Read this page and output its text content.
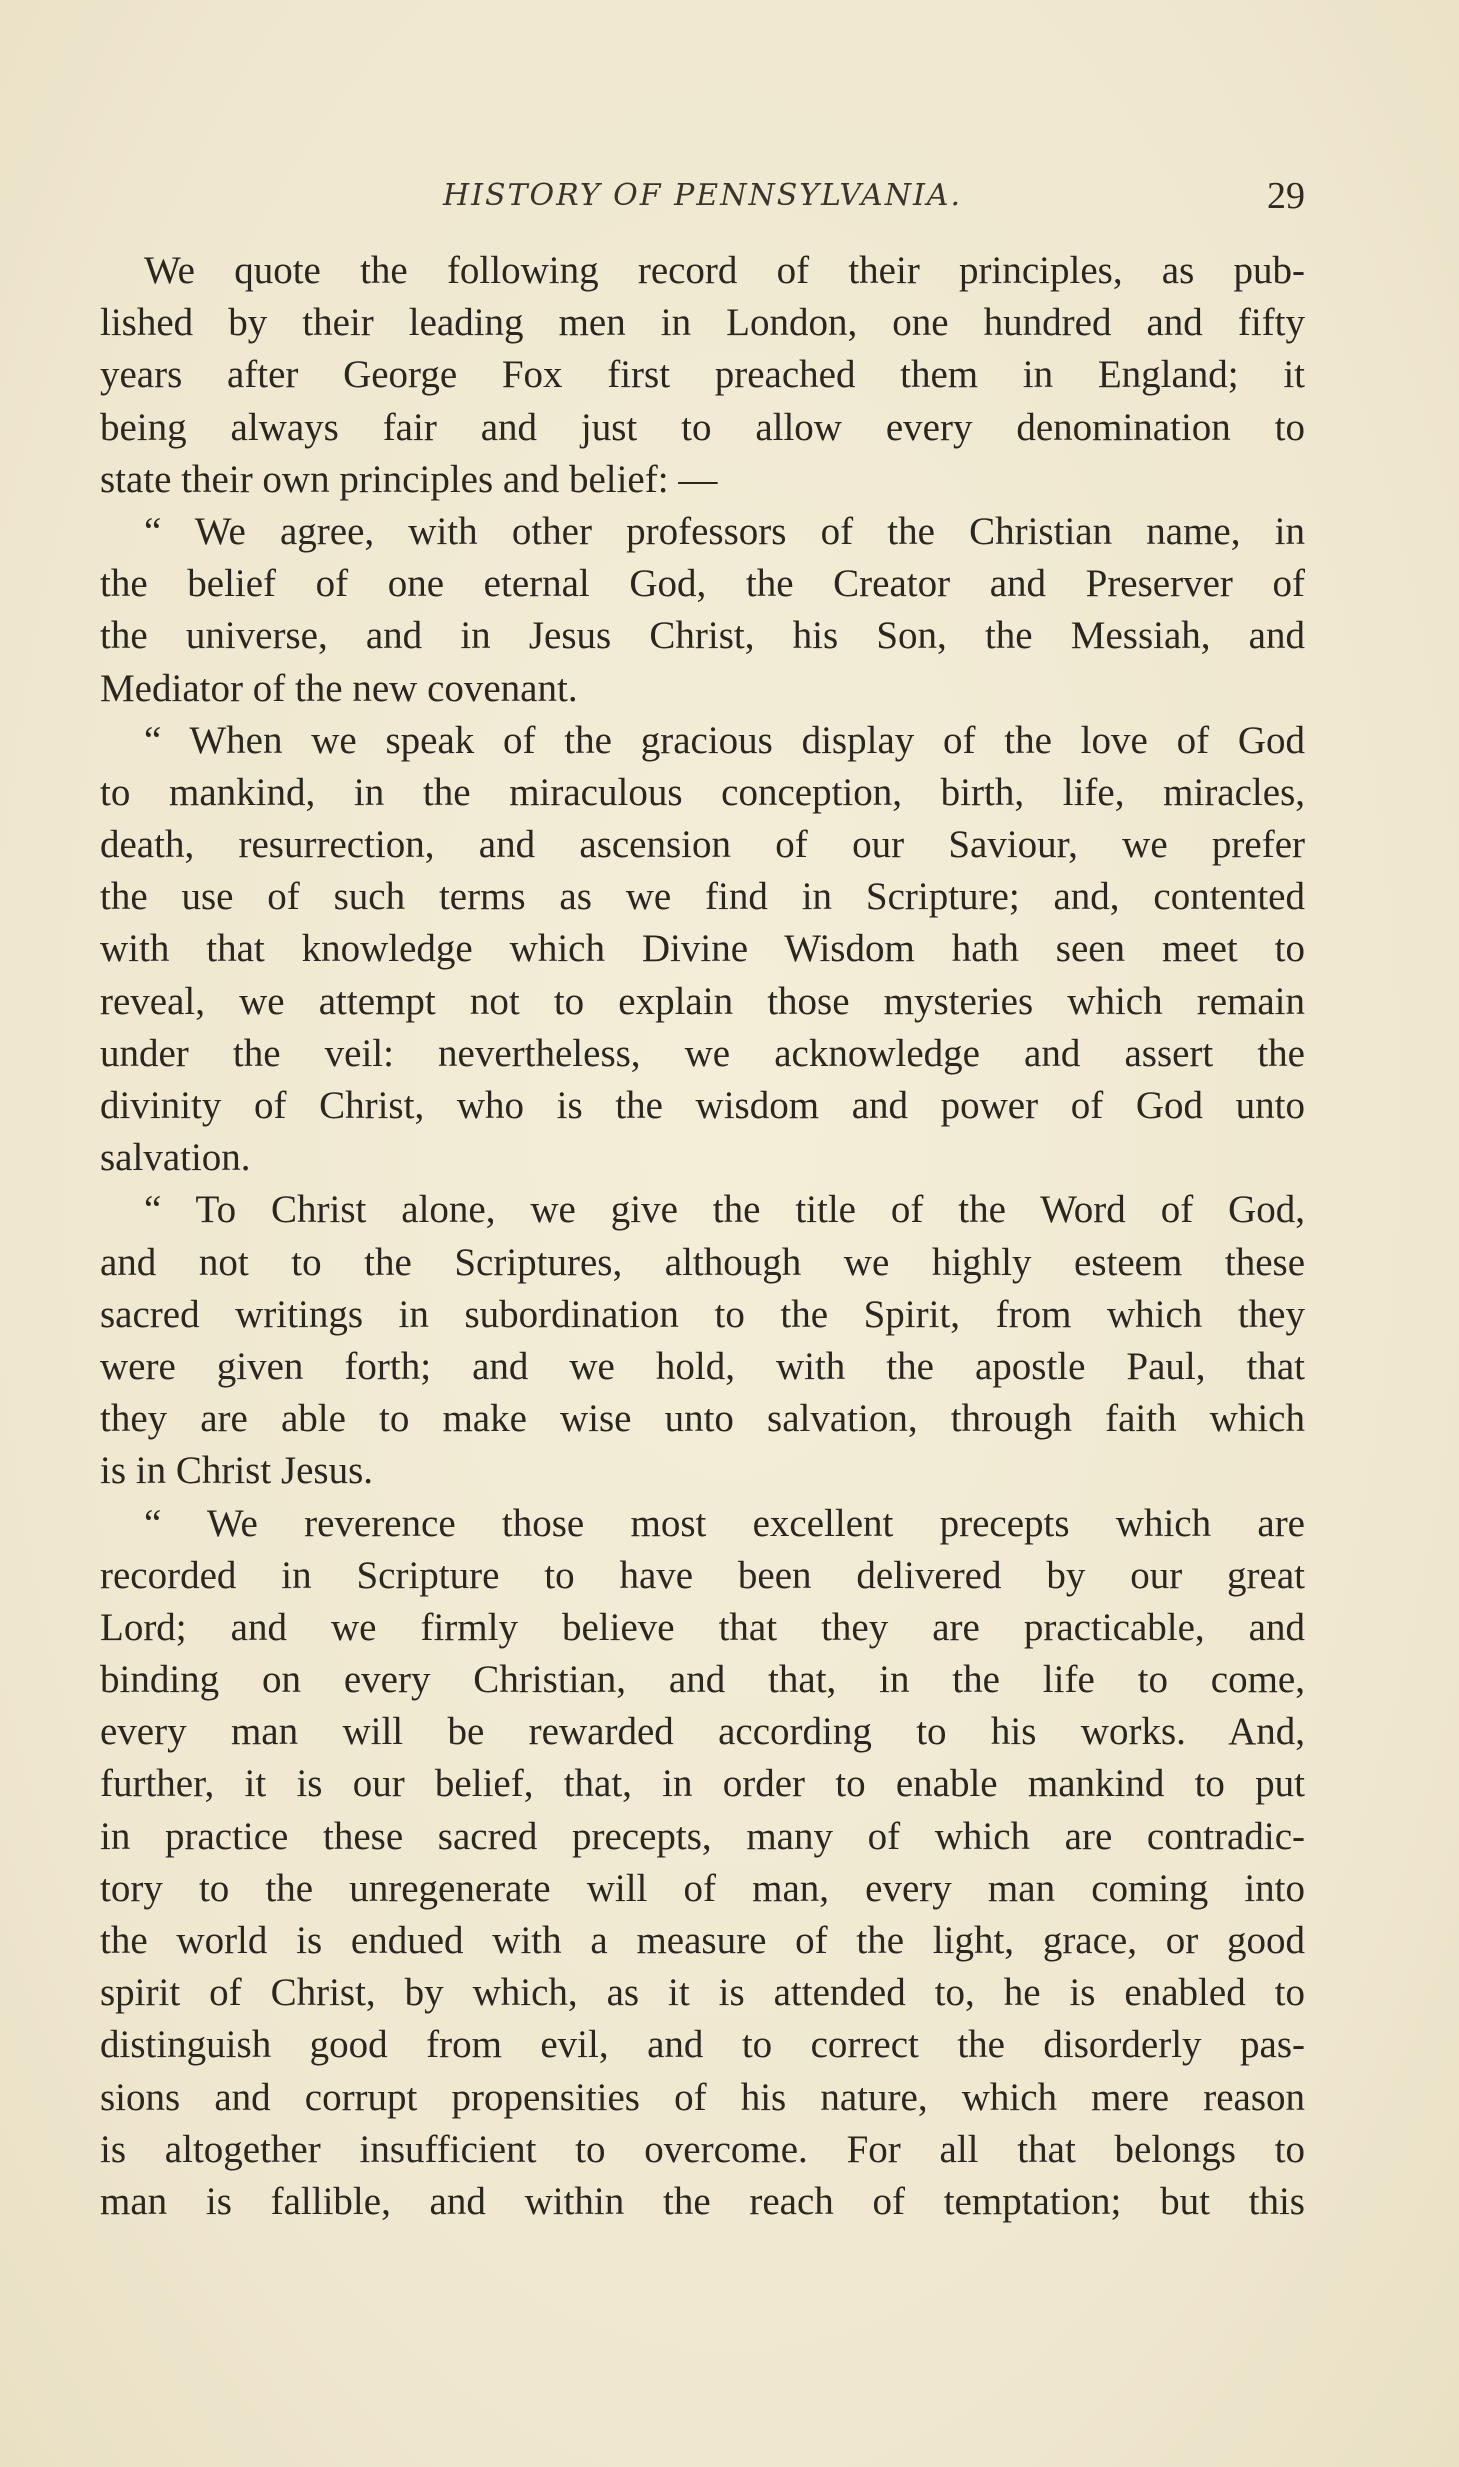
HISTORY OF PENNSYLVANIA.	29
We quote the following record of their principles, as pub-
lished by their leading men in London, one hundred and fifty
years after George Fox first preached them in England; it
being always fair and just to allow every denomination to
state their own principles and belief: —
“ We agree, with other professors of the Christian name, in
the belief of one eternal God, the Creator and Preserver of
the universe, and in Jesus Christ, his Son, the Messiah, and
Mediator of the new covenant.
“ When we speak of the gracious display of the love of God
to mankind, in the miraculous conception, birth, life, miracles,
death, resurrection, and ascension of our Saviour, we prefer
the use of such terms as we find in Scripture; and, contented
with that knowledge which Divine Wisdom hath seen meet to
reveal, we attempt not to explain those mysteries which remain
under the veil: nevertheless, we acknowledge and assert the
divinity of Christ, who is the wisdom and power of God unto
salvation.
“ To Christ alone, we give the title of the Word of God,
and not to the Scriptures, although we highly esteem these
sacred writings in subordination to the Spirit, from which they
were given forth; and we hold, with the apostle Paul, that
they are able to make wise unto salvation, through faith which
is in Christ Jesus.
“ We reverence those most excellent precepts which are
recorded in Scripture to have been delivered by our great
Lord; and we firmly believe that they are practicable, and
binding on every Christian, and that, in the life to come,
every man will be rewarded according to his works. And,
further, it is our belief, that, in order to enable mankind to put
in practice these sacred precepts, many of which are contradic-
tory to the unregenerate will of man, every man coming into
the world is endued with a measure of the light, grace, or good
spirit of Christ, by which, as it is attended to, he is enabled to
distinguish good from evil, and to correct the disorderly pas-
sions and corrupt propensities of his nature, which mere reason
is altogether insufficient to overcome. For all that belongs to
man is fallible, and within the reach of temptation; but this
